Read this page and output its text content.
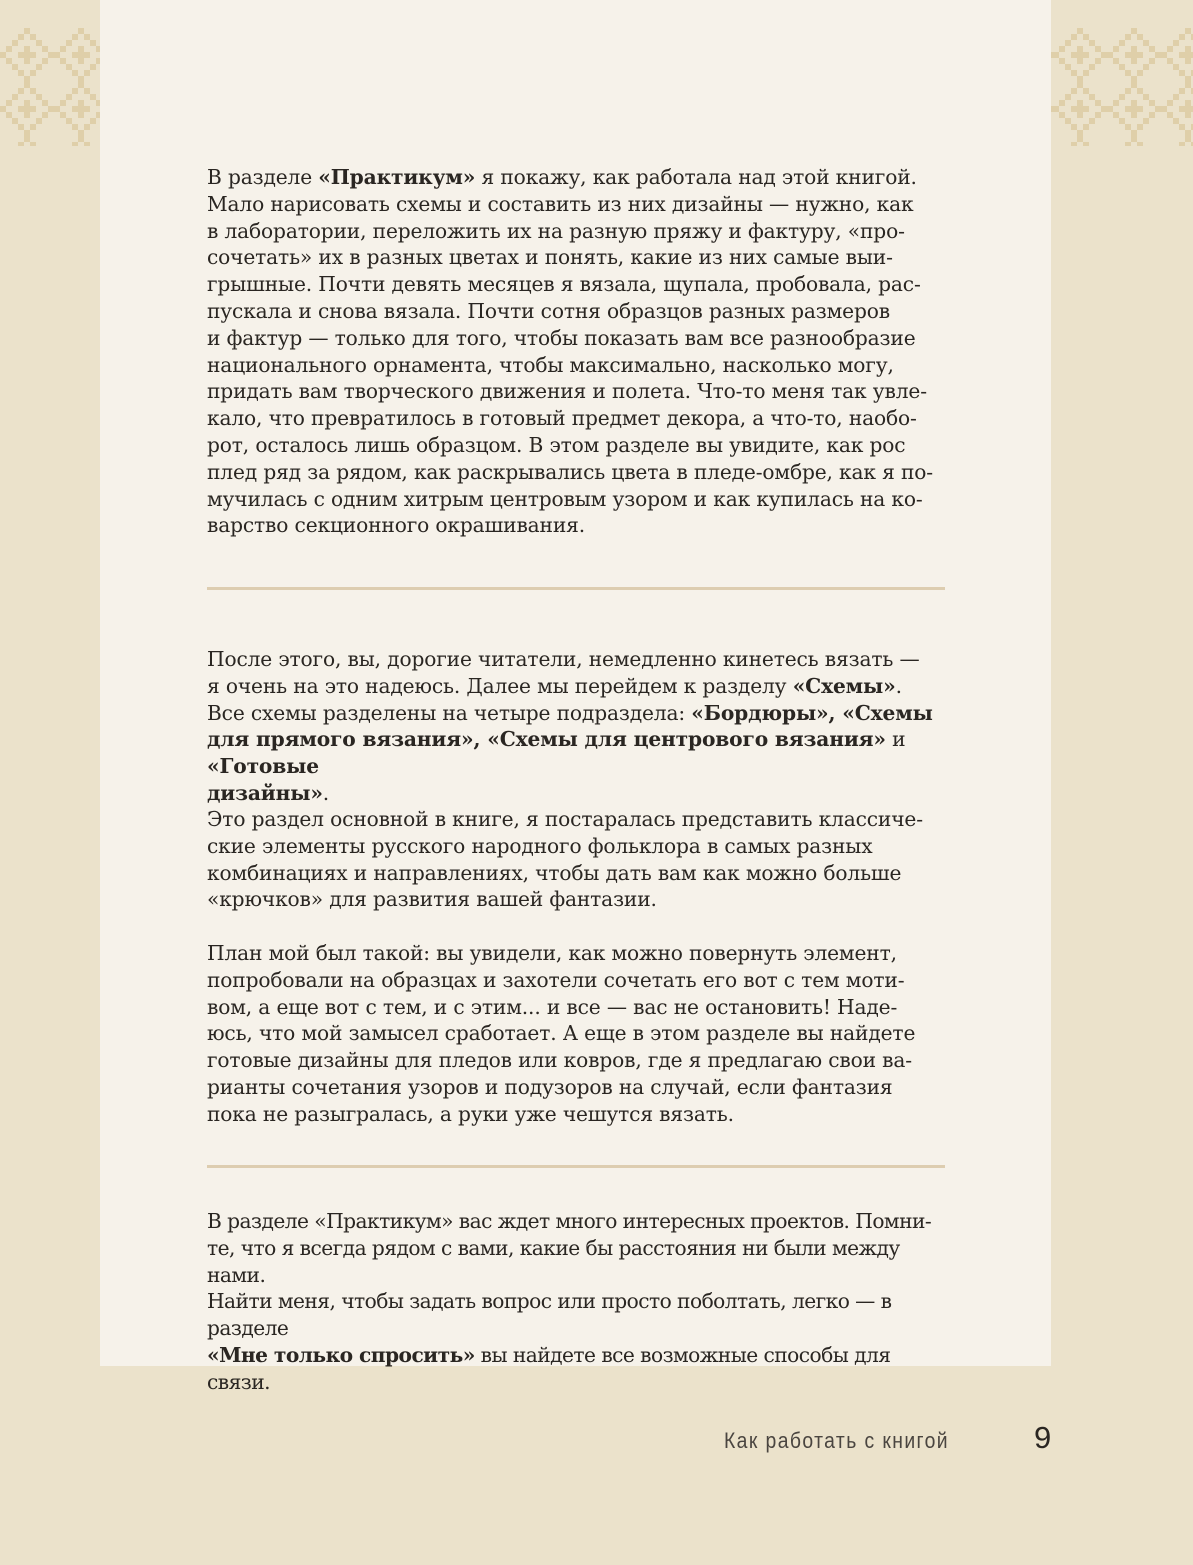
В разделе «Практикум» я покажу, как работала над этой книгой.
Мало нарисовать схемы и составить из них дизайны — нужно, как
в лаборатории, переложить их на разную пряжу и фактуру, «про-
сочетать» их в разных цветах и понять, какие из них самые выи-
грышные. Почти девять месяцев я вязала, щупала, пробовала, рас-
пускала и снова вязала. Почти сотня образцов разных размеров
и фактур — только для того, чтобы показать вам все разнообразие
национального орнамента, чтобы максимально, насколько могу,
придать вам творческого движения и полета. Что-то меня так увле-
кало, что превратилось в готовый предмет декора, а что-то, наобо-
рот, осталось лишь образцом. В этом разделе вы увидите, как рос
плед ряд за рядом, как раскрывались цвета в пледе-омбре, как я по-
мучилась с одним хитрым центровым узором и как купилась на ко-
варство секционного окрашивания.

После этого, вы, дорогие читатели, немедленно кинетесь вязать —
я очень на это надеюсь. Далее мы перейдем к разделу «Схемы».
Все схемы разделены на четыре подраздела: «Бордюры», «Схемы
для прямого вязания», «Схемы для центрового вязания» и «Готовые
дизайны».

Это раздел основной в книге, я постаралась представить классиче-
ские элементы русского народного фольклора в самых разных
комбинациях и направлениях, чтобы дать вам как можно больше
«крючков» для развития вашей фантазии.

План мой был такой: вы увидели, как можно повернуть элемент,
попробовали на образцах и захотели сочетать его вот с тем моти-
вом, а еще вот с тем, и с этим... и все — вас не остановить! Наде-
юсь, что мой замысел сработает. А еще в этом разделе вы найдете
готовые дизайны для пледов или ковров, где я предлагаю свои ва-
рианты сочетания узоров и подузоров на случай, если фантазия
пока не разыгралась, а руки уже чешутся вязать.

В разделе «Практикум» вас ждет много интересных проектов. Помни-
те, что я всегда рядом с вами, какие бы расстояния ни были между нами.
Найти меня, чтобы задать вопрос или просто поболтать, легко — в разделе
«Мне только спросить» вы найдете все возможные способы для связи.

Как работать с книгой	9
